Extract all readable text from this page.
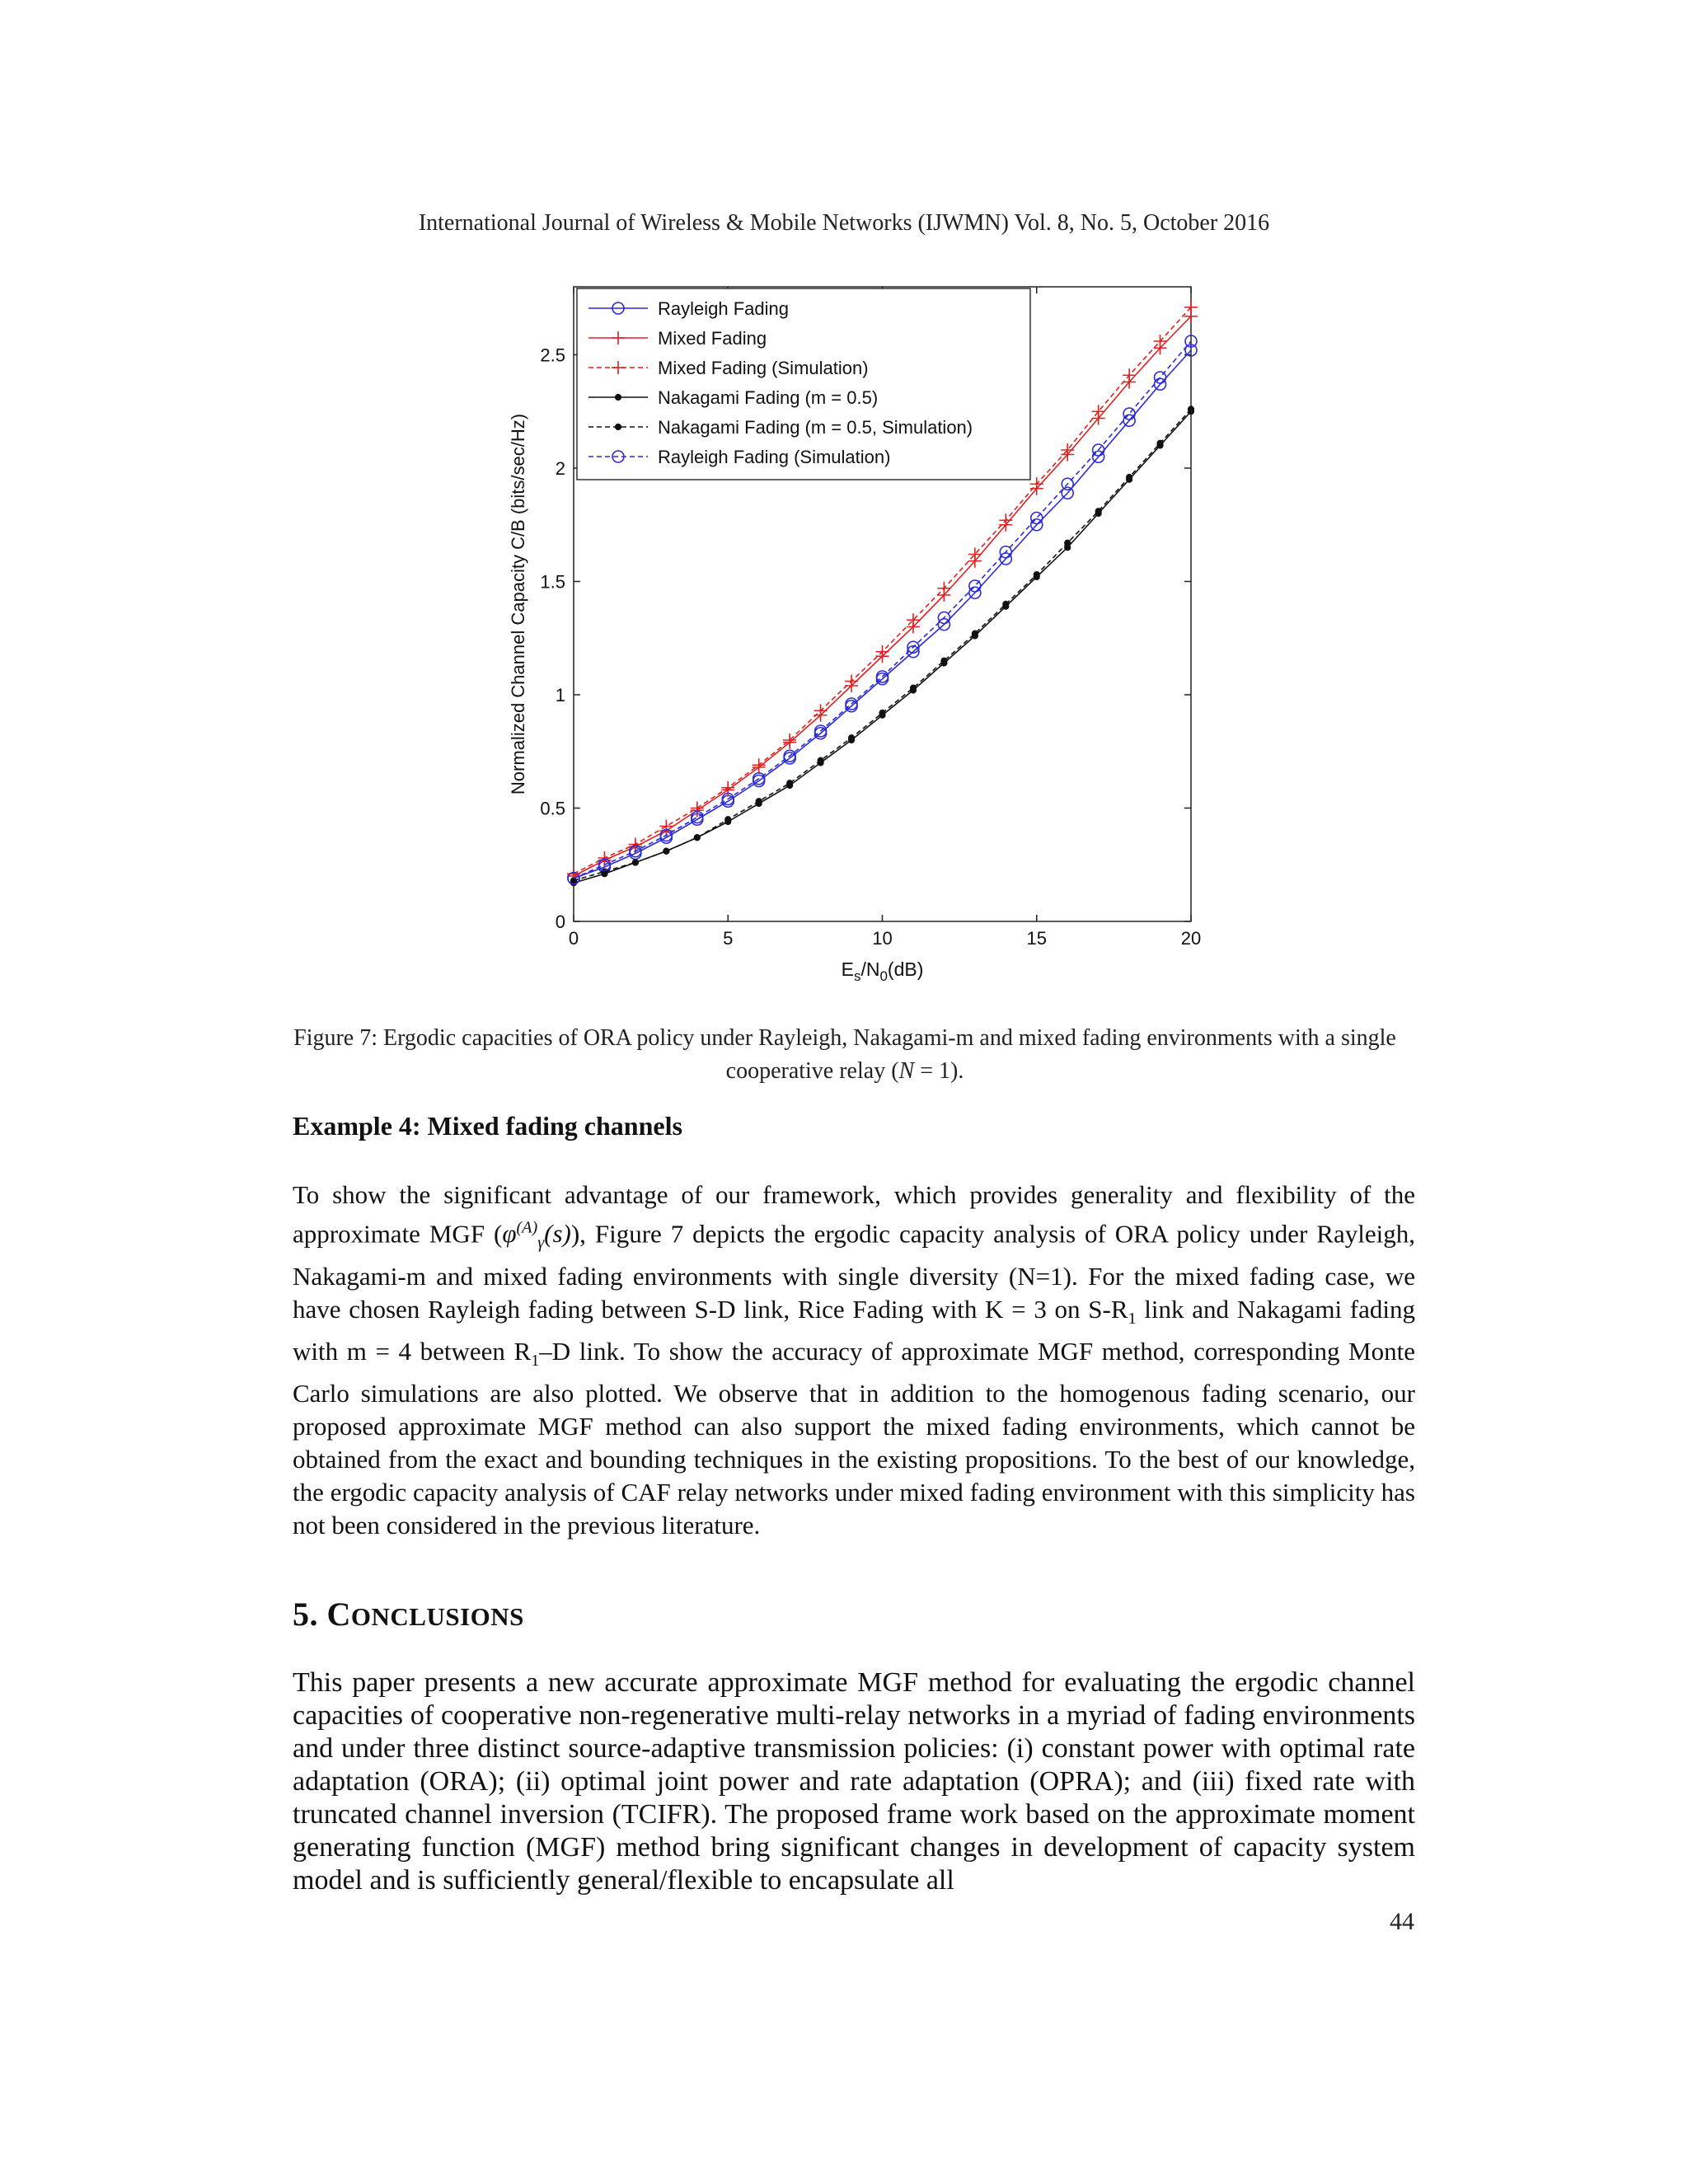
International Journal of Wireless & Mobile Networks (IJWMN) Vol. 8, No. 5, October 2016
0
0.5
1
1.5
2
2.5
0	5	10	15	20
Normalized Channel Capacity C/B (bits/sec/Hz)
$E_s/N_0(dB)$
Rayleigh Fading
Mixed Fading
Mixed Fading (Simulation)
Nakagami Fading (m = 0.5)
Nakagami Fading (m = 0.5, Simulation)
Rayleigh Fading (Simulation)
Figure 7: Ergodic capacities of ORA policy under Rayleigh, Nakagami-m and mixed fading environments with a single cooperative relay (N = 1).
Example 4: Mixed fading channels
To show the significant advantage of our framework, which provides generality and flexibility of the approximate MGF $(\varphi^{(A)}_\gamma(s))$, Figure 7 depicts the ergodic capacity analysis of ORA policy under Rayleigh, Nakagami-m and mixed fading environments with single diversity (N=1). For the mixed fading case, we have chosen Rayleigh fading between S-D link, Rice Fading with K = 3 on $S-R_1$ link and Nakagami fading with m = 4 between $R_1-D$ link. To show the accuracy of approximate MGF method, corresponding Monte Carlo simulations are also plotted. We observe that in addition to the homogenous fading scenario, our proposed approximate MGF method can also support the mixed fading environments, which cannot be obtained from the exact and bounding techniques in the existing propositions. To the best of our knowledge, the ergodic capacity analysis of CAF relay networks under mixed fading environment with this simplicity has not been considered in the previous literature.
5. CONCLUSIONS
This paper presents a new accurate approximate MGF method for evaluating the ergodic channel capacities of cooperative non-regenerative multi-relay networks in a myriad of fading environments and under three distinct source-adaptive transmission policies: (i) constant power with optimal rate adaptation (ORA); (ii) optimal joint power and rate adaptation (OPRA); and (iii) fixed rate with truncated channel inversion (TCIFR). The proposed frame work based on the approximate moment generating function (MGF) method bring significant changes in development of capacity system model and is sufficiently general/flexible to encapsulate all
44
